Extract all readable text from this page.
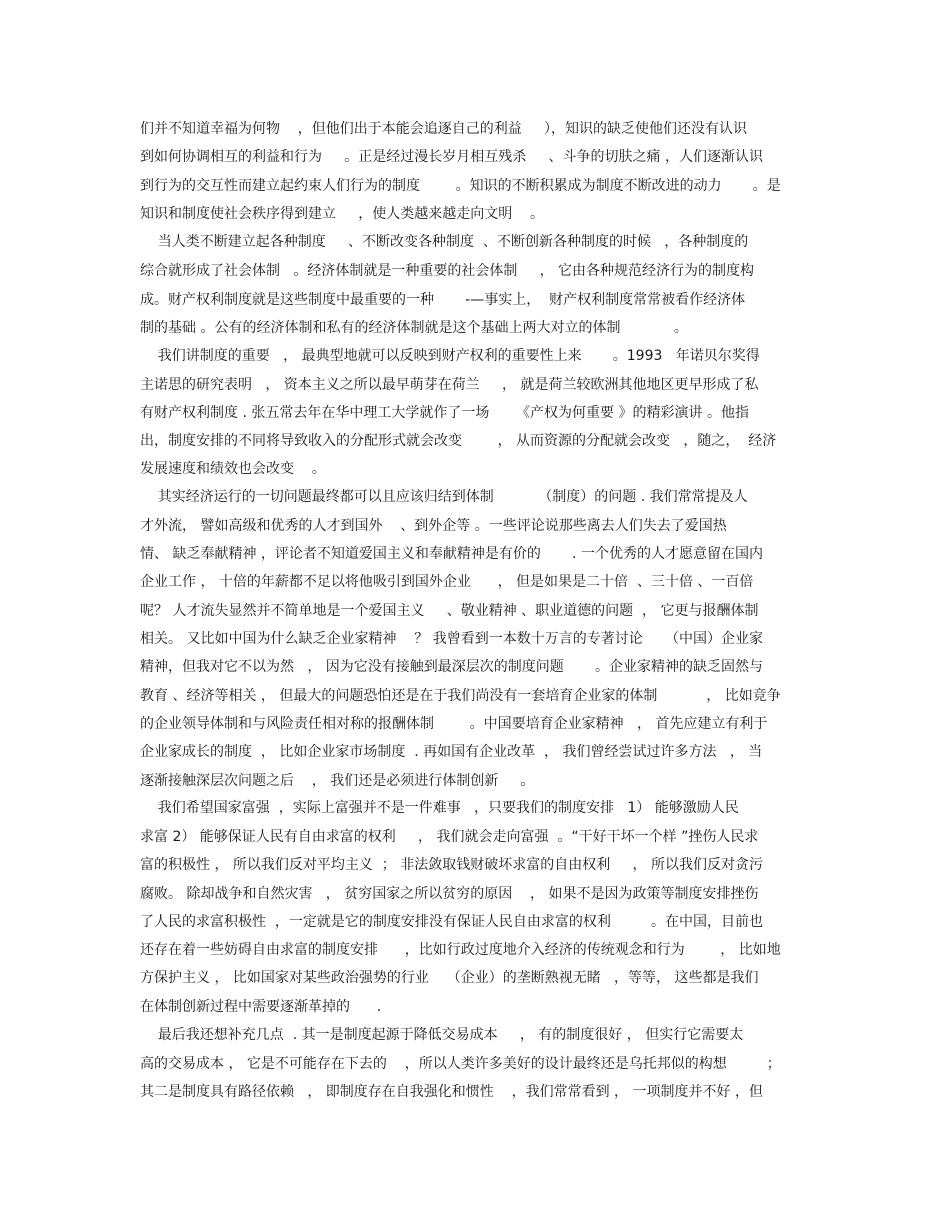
们并不知道幸福为何物    ，但他们出于本能会追逐自己的利益     ），知识的缺乏使他们还没有认识
到如何协调相互的利益和行为     。正是经过漫长岁月相互残杀     、斗争的切肤之痛 ，人们逐渐认识
到行为的交互性而建立起约束人们行为的制度        。知识的不断积累成为制度不断改进的动力       。是
知识和制度使社会秩序得到建立     ，使人类越来越走向文明    。
当人类不断建立起各种制度     、不断改变各种制度  、不断创新各种制度的时候   ，各种制度的
综合就形成了社会体制   。经济体制就是一种重要的社会体制     ， 它由各种规范经济行为的制度构
成。财产权利制度就是这些制度中最重要的一种       -—事实上，  财产权利制度常常被看作经济体
制的基础 。公有的经济体制和私有的经济体制就是这个基础上两大对立的体制            。
我们讲制度的重要   ， 最典型地就可以反映到财产权利的重要性上来       。1993   年诺贝尔奖得
主诺思的研究表明   ， 资本主义之所以最早萌芽在荷兰     ， 就是荷兰较欧洲其他地区更早形成了私
有财产权利制度 . 张五常去年在华中理工大学就作了一场      《产权为何重要 》的精彩演讲 。他指
出，制度安排的不同将导致收入的分配形式就会改变        ， 从而资源的分配就会改变   ，随之，  经济
发展速度和绩效也会改变    。
其实经济运行的一切问题最终都可以且应该归结到体制          （制度）的问题 . 我们常常提及人
才外流， 譬如高级和优秀的人才到国外    、到外企等 。一些评论说那些离去人们失去了爱国热
情、 缺乏奉献精神 ，评论者不知道爱国主义和奉献精神是有价的       . 一个优秀的人才愿意留在国内
企业工作 ， 十倍的年薪都不足以将他吸引到国外企业      ， 但是如果是二十倍  、三十倍 、一百倍
呢？ 人才流失显然并不简单地是一个爱国主义     、敬业精神 、职业道德的问题  ， 它更与报酬体制
相关。 又比如中国为什么缺乏企业家精神    ？ 我曾看到一本数十万言的专著讨论     （中国）企业家
精神，但我对它不以为然   ， 因为它没有接触到最深层次的制度问题       。企业家精神的缺乏固然与
教育 、经济等相关 ， 但最大的问题恐怕还是在于我们尚没有一套培育企业家的体制           ， 比如竞争
的企业领导体制和与风险责任相对称的报酬体制        。中国要培育企业家精神   ， 首先应建立有利于
企业家成长的制度  ， 比如企业家市场制度  . 再如国有企业改革  ， 我们曾经尝试过许多方法   ， 当
逐渐接触深层次问题之后    ， 我们还是必须进行体制创新     。
我们希望国家富强  ，实际上富强并不是一件难事   ，只要我们的制度安排   1） 能够激励人民
求富 2） 能够保证人民有自由求富的权利     ， 我们就会走向富强  。“干好干坏一个样 ”挫伤人民求
富的积极性 ， 所以我们反对平均主义  ； 非法敛取钱财破坏求富的自由权利     ， 所以我们反对贪污
腐败。 除却战争和自然灾害   ， 贫穷国家之所以贫穷的原因    ， 如果不是因为政策等制度安排挫伤
了人民的求富积极性  ，一定就是它的制度安排没有保证人民自由求富的权利         。在中国，目前也
还存在着一些妨碍自由求富的制度安排      ，比如行政过度地介入经济的传统观念和行为        ， 比如地
方保护主义 ， 比如国家对某些政治强势的行业    （企业）的垄断熟视无睹   ，等等， 这些都是我们
在体制创新过程中需要逐渐革掉的      .
最后我还想补充几点  . 其一是制度起源于降低交易成本     ， 有的制度很好 ， 但实行它需要太
高的交易成本 ， 它是不可能存在下去的    ，所以人类许多美好的设计最终还是乌托邦似的构想         ；
其二是制度具有路径依赖   ， 即制度存在自我强化和惯性    ，我们常常看到 ， 一项制度并不好 ，但
